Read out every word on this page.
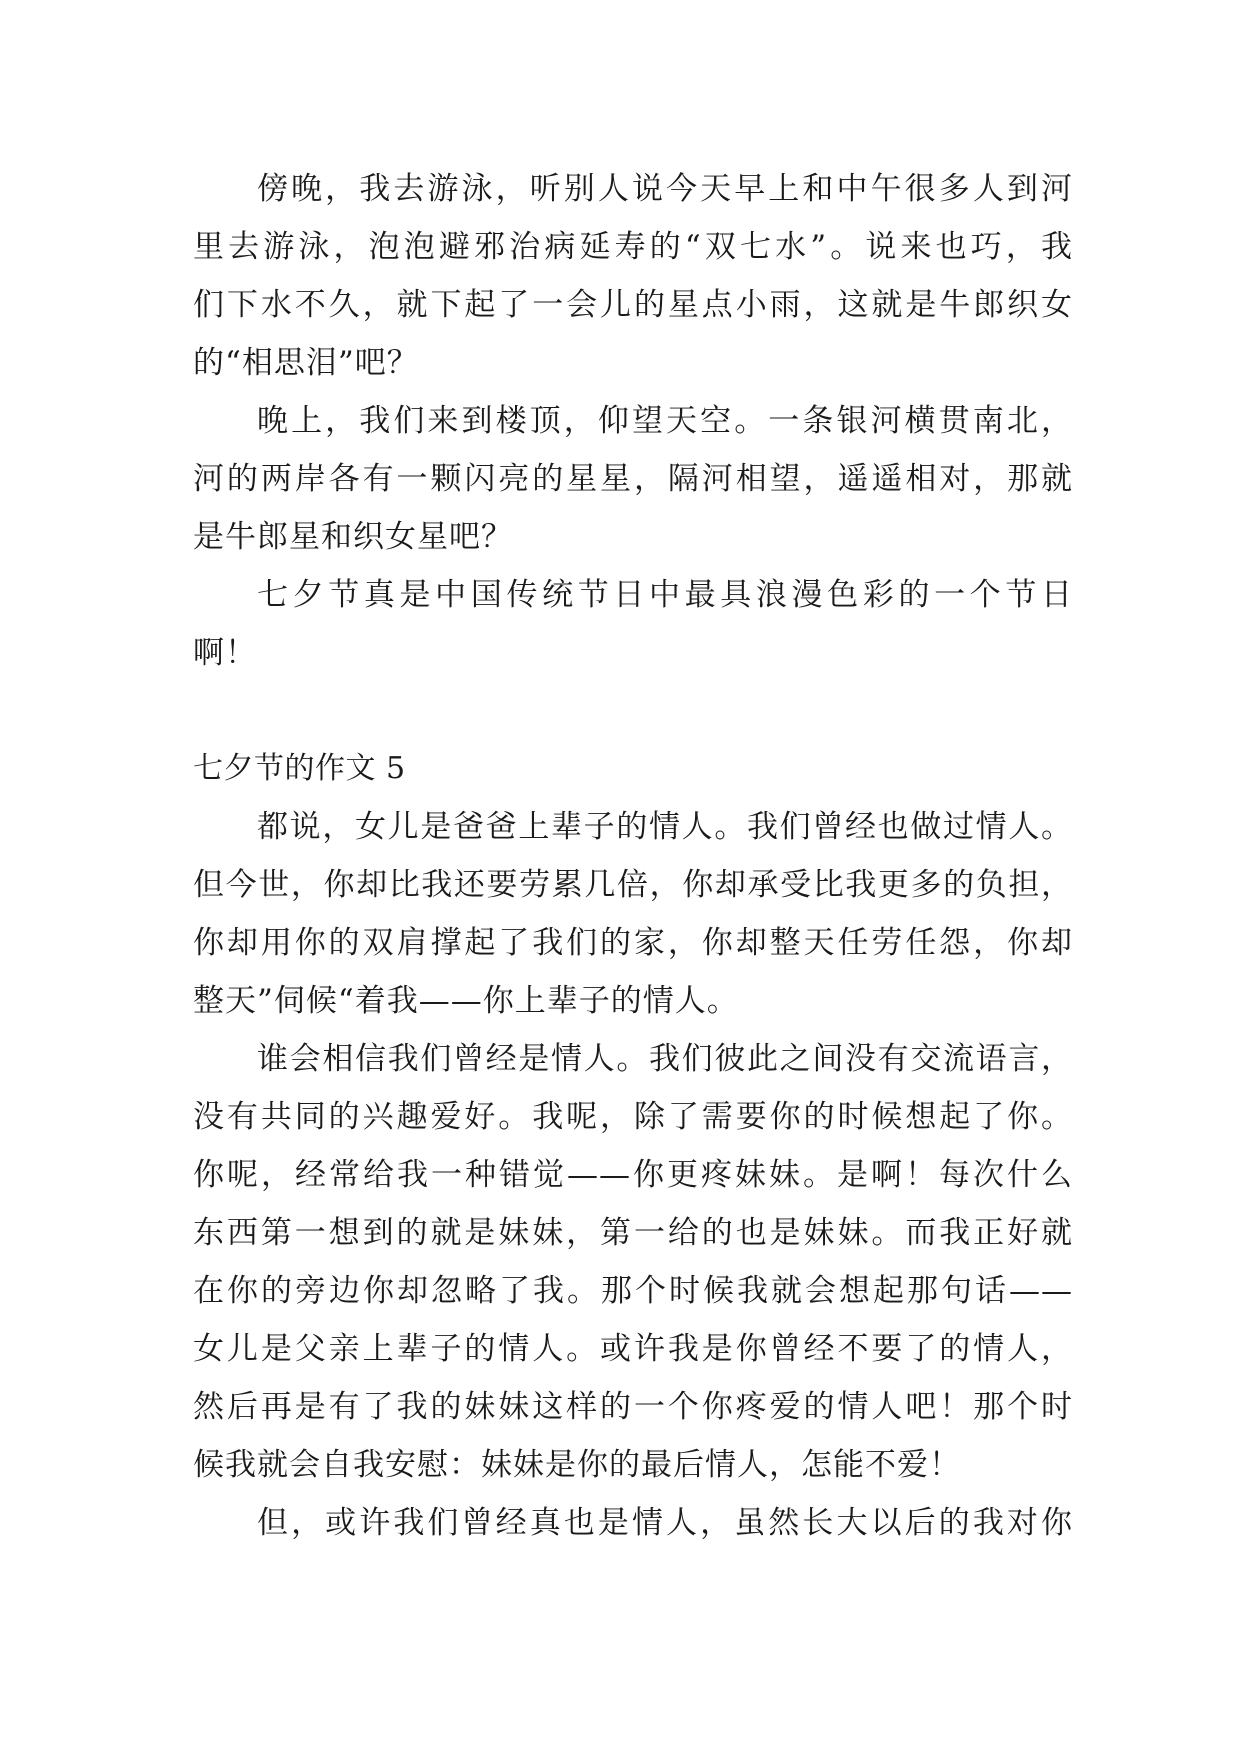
傍晚，我去游泳，听别人说今天早上和中午很多人到河
里去游泳，泡泡避邪治病延寿的“双七水”。说来也巧，我
们下水不久，就下起了一会儿的星点小雨，这就是牛郎织女
的“相思泪”吧？
晚上，我们来到楼顶，仰望天空。一条银河横贯南北，
河的两岸各有一颗闪亮的星星，隔河相望，遥遥相对，那就
是牛郎星和织女星吧？
七夕节真是中国传统节日中最具浪漫色彩的一个节日
啊！
七夕节的作文 5
都说，女儿是爸爸上辈子的情人。我们曾经也做过情人。
但今世，你却比我还要劳累几倍，你却承受比我更多的负担，
你却用你的双肩撑起了我们的家，你却整天任劳任怨，你却
整天”伺候“着我——你上辈子的情人。
谁会相信我们曾经是情人。我们彼此之间没有交流语言，
没有共同的兴趣爱好。我呢，除了需要你的时候想起了你。
你呢，经常给我一种错觉——你更疼妹妹。是啊！每次什么
东西第一想到的就是妹妹，第一给的也是妹妹。而我正好就
在你的旁边你却忽略了我。那个时候我就会想起那句话——
女儿是父亲上辈子的情人。或许我是你曾经不要了的情人，
然后再是有了我的妹妹这样的一个你疼爱的情人吧！那个时
候我就会自我安慰：妹妹是你的最后情人，怎能不爱！
但，或许我们曾经真也是情人，虽然长大以后的我对你
